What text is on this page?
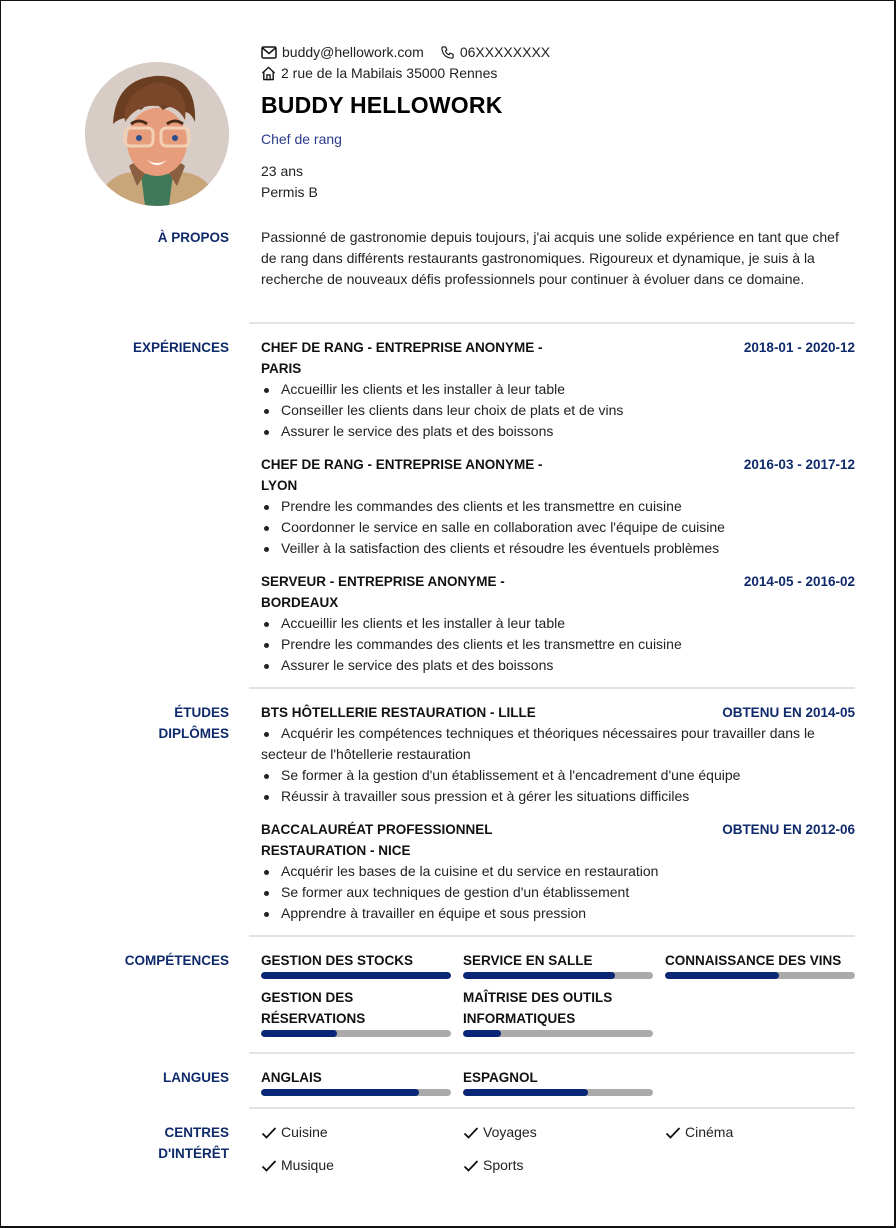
buddy@hellowork.com	06XXXXXXXX
2 rue de la Mabilais 35000 Rennes
BUDDY HELLOWORK
Chef de rang
23 ans
Permis B
À PROPOS Passionné de gastronomie depuis toujours, j'ai acquis une solide expérience en tant que chef de rang dans différents restaurants gastronomiques. Rigoureux et dynamique, je suis à la recherche de nouveaux défis professionnels pour continuer à évoluer dans ce domaine.
EXPÉRIENCES CHEF DE RANG - ENTREPRISE ANONYME - PARIS
2018-01 - 2020-12
Accueillir les clients et les installer à leur table
Conseiller les clients dans leur choix de plats et de vins
Assurer le service des plats et des boissons
CHEF DE RANG - ENTREPRISE ANONYME - LYON
2016-03 - 2017-12
Prendre les commandes des clients et les transmettre en cuisine
Coordonner le service en salle en collaboration avec l'équipe de cuisine
Veiller à la satisfaction des clients et résoudre les éventuels problèmes
SERVEUR - ENTREPRISE ANONYME - BORDEAUX
2014-05 - 2016-02
Accueillir les clients et les installer à leur table
Prendre les commandes des clients et les transmettre en cuisine
Assurer le service des plats et des boissons
ÉTUDES
DIPLÔMES
BTS HÔTELLERIE RESTAURATION - LILLE	OBTENU EN 2014-05
Acquérir les compétences techniques et théoriques nécessaires pour travailler dans le secteur de l'hôtellerie restauration
Se former à la gestion d'un établissement et à l'encadrement d'une équipe
Réussir à travailler sous pression et à gérer les situations difficiles
BACCALAURÉAT PROFESSIONNEL RESTAURATION - NICE
OBTENU EN 2012-06
Acquérir les bases de la cuisine et du service en restauration
Se former aux techniques de gestion d'un établissement
Apprendre à travailler en équipe et sous pression
COMPÉTENCES GESTION DES STOCKS	SERVICE EN SALLE	CONNAISSANCE DES VINS
GESTION DES RÉSERVATIONS
MAÎTRISE DES OUTILS INFORMATIQUES
LANGUES ANGLAIS	ESPAGNOL
CENTRES
D'INTÉRÊT
Cuisine	Voyages	Cinéma
Musique	Sports
